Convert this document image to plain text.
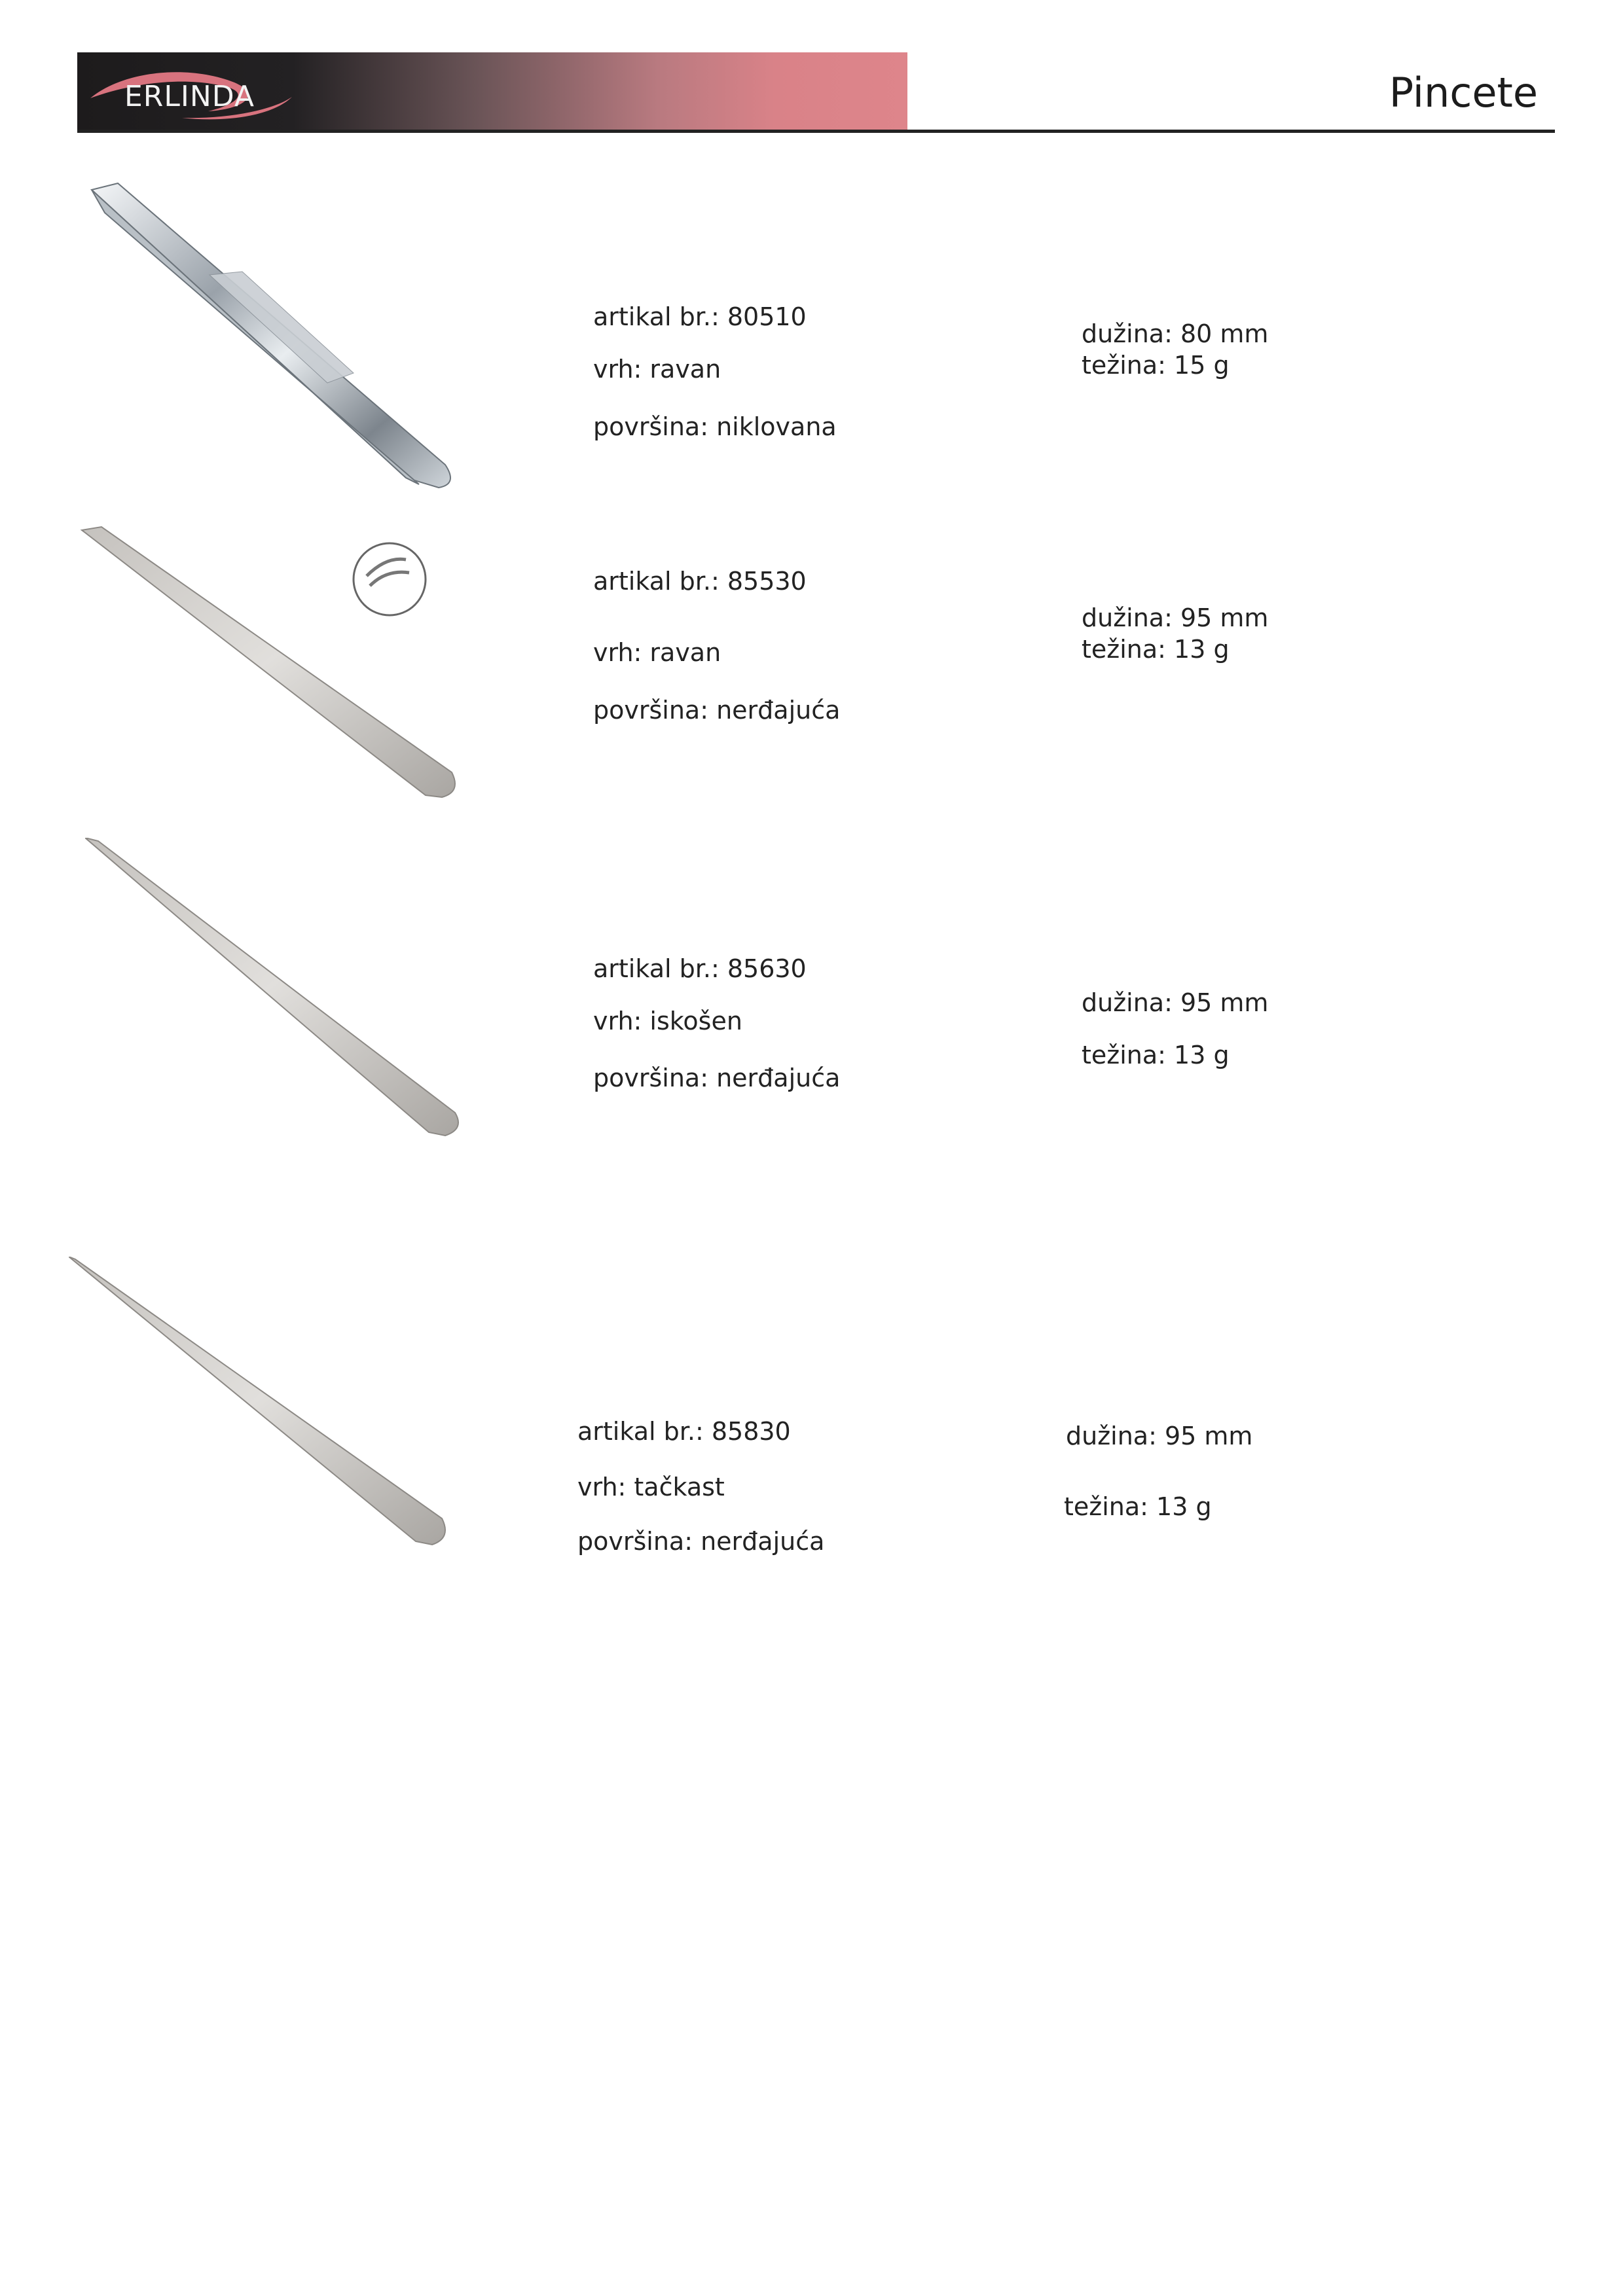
ERLINDA	Pincete
artikal br.: 80510
vrh: ravan
površina: niklovana
dužina: 80 mm
težina: 15 g
artikal br.: 85530
vrh: ravan
površina: nerđajuća
dužina: 95 mm
težina: 13 g
artikal br.: 85630
vrh: iskošen
površina: nerđajuća
dužina: 95 mm
težina: 13 g
artikal br.: 85830
vrh: tačkast
površina: nerđajuća
dužina: 95 mm
težina: 13 g
